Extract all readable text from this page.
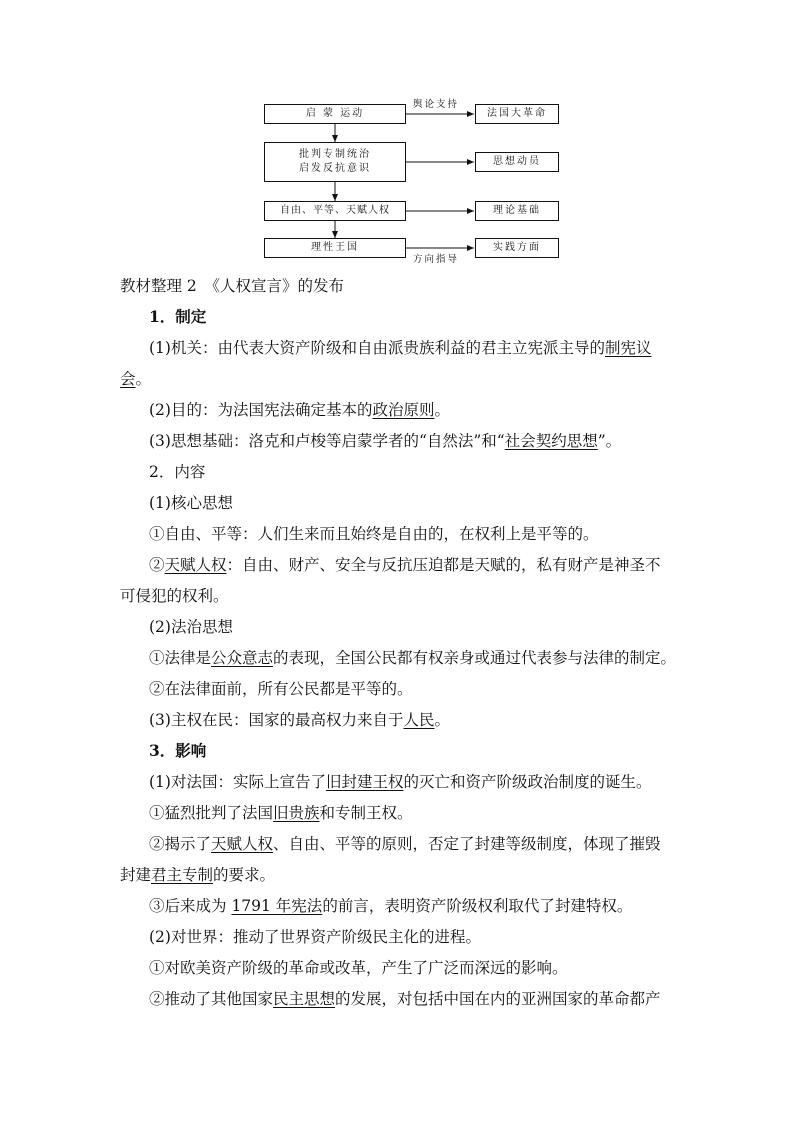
启 蒙 运动
批判专制统治
启发反抗意识
自由、平等、天赋人权
理性王国
法国大革命
思想动员
理论基础
实践方面
舆论支持
方向指导
教材整理 2　《人权宣言》的发布
1．制定
(1)机关：由代表大资产阶级和自由派贵族利益的君主立宪派主导的制宪议
会。
(2)目的：为法国宪法确定基本的政治原则。
(3)思想基础：洛克和卢梭等启蒙学者的“自然法”和“社会契约思想”。
2．内容
(1)核心思想
①自由、平等：人们生来而且始终是自由的，在权利上是平等的。
②天赋人权：自由、财产、安全与反抗压迫都是天赋的，私有财产是神圣不
可侵犯的权利。
(2)法治思想
①法律是公众意志的表现，全国公民都有权亲身或通过代表参与法律的制定。
②在法律面前，所有公民都是平等的。
(3)主权在民：国家的最高权力来自于人民。
3．影响
(1)对法国：实际上宣告了旧封建王权的灭亡和资产阶级政治制度的诞生。
①猛烈批判了法国旧贵族和专制王权。
②揭示了天赋人权、自由、平等的原则，否定了封建等级制度，体现了摧毁
封建君主专制的要求。
③后来成为 1791 年宪法的前言，表明资产阶级权利取代了封建特权。
(2)对世界：推动了世界资产阶级民主化的进程。
①对欧美资产阶级的革命或改革，产生了广泛而深远的影响。
②推动了其他国家民主思想的发展，对包括中国在内的亚洲国家的革命都产
